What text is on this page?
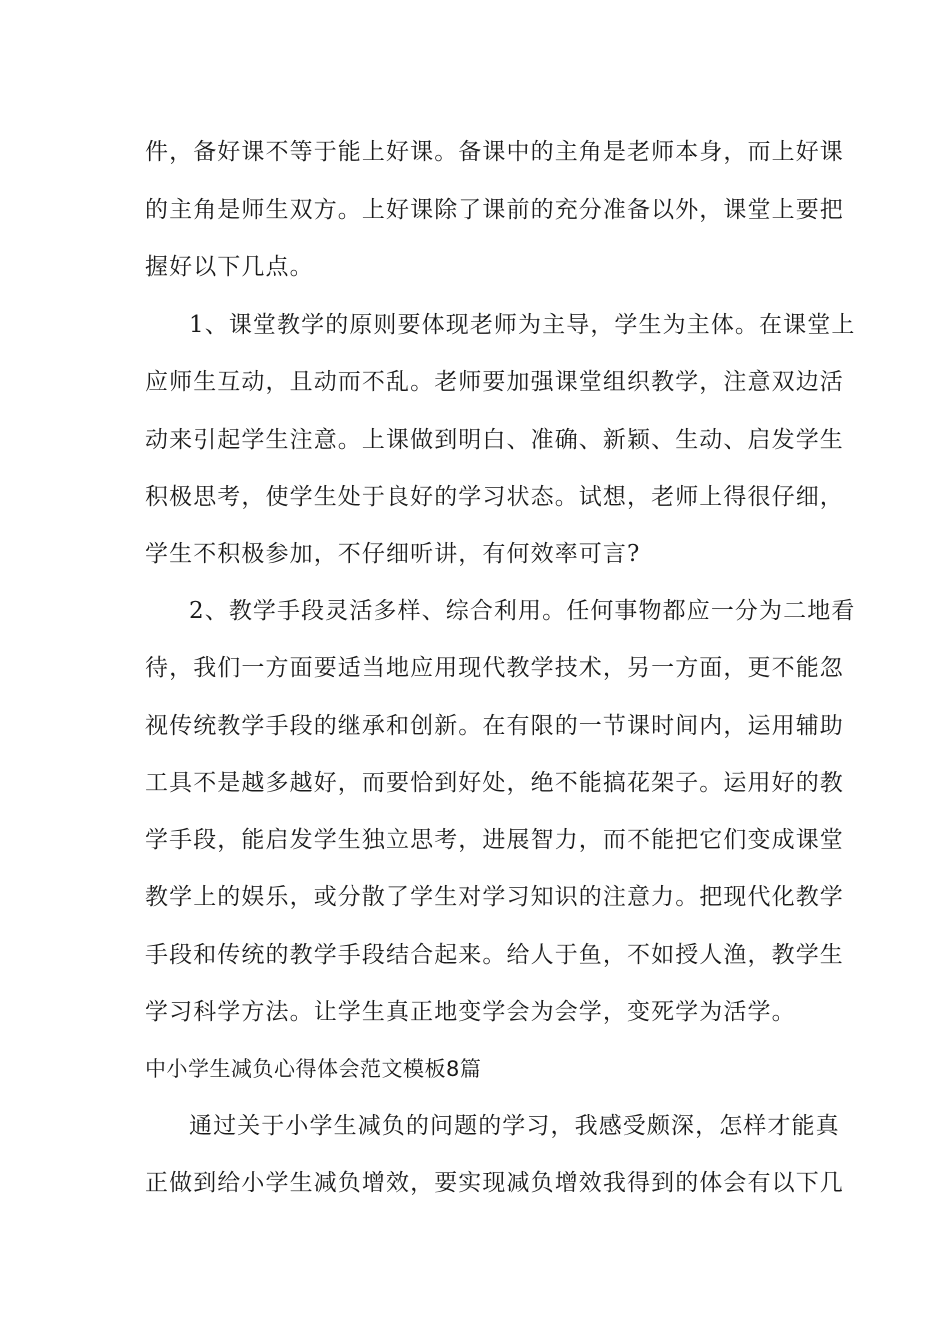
件，备好课不等于能上好课。备课中的主角是老师本身，而上好课
的主角是师生双方。上好课除了课前的充分准备以外，课堂上要把
握好以下几点。
1、课堂教学的原则要体现老师为主导，学生为主体。在课堂上
应师生互动，且动而不乱。老师要加强课堂组织教学，注意双边活
动来引起学生注意。上课做到明白、准确、新颖、生动、启发学生
积极思考，使学生处于良好的学习状态。试想，老师上得很仔细，
学生不积极参加，不仔细听讲，有何效率可言?
2、教学手段灵活多样、综合利用。任何事物都应一分为二地看
待，我们一方面要适当地应用现代教学技术，另一方面，更不能忽
视传统教学手段的继承和创新。在有限的一节课时间内，运用辅助
工具不是越多越好，而要恰到好处，绝不能搞花架子。运用好的教
学手段，能启发学生独立思考，进展智力，而不能把它们变成课堂
教学上的娱乐，或分散了学生对学习知识的注意力。把现代化教学
手段和传统的教学手段结合起来。给人于鱼，不如授人渔，教学生
学习科学方法。让学生真正地变学会为会学，变死学为活学。
中小学生减负心得体会范文模板8篇
通过关于小学生减负的问题的学习，我感受颇深，怎样才能真
正做到给小学生减负增效，要实现减负增效我得到的体会有以下几
